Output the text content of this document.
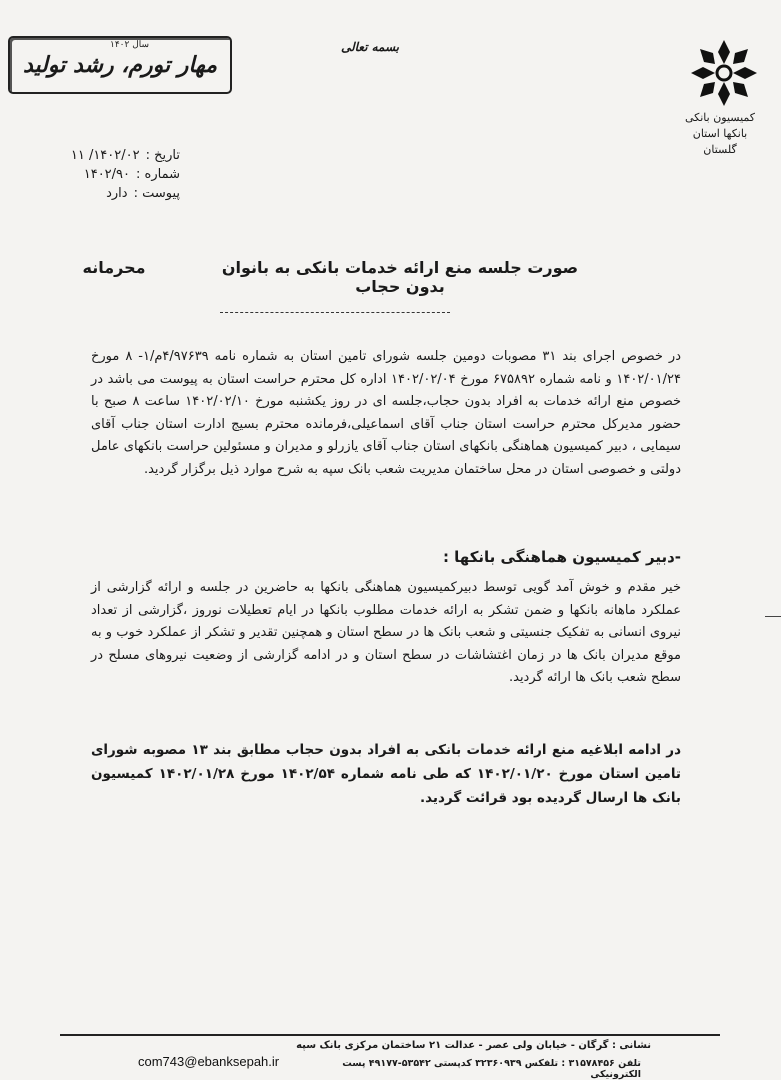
کمیسیون بانکی بانکها استان گلستان
بسمه تعالی
سال ۱۴۰۲
مهار تورم، رشد تولید
تاریخ :
۱۴۰۲/۰۲/ ۱۱
شماره :
۱۴۰۲/۹۰
پیوست :
دارد
صورت جلسه منع ارائه خدمات بانکی به بانوان بدون حجاب
محرمانه
در خصوص اجرای بند ۳۱ مصوبات دومین جلسه شورای تامین استان به شماره نامه ۴/۹۷۶۳۹م/۱- ۸ مورخ ۱۴۰۲/۰۱/۲۴ و نامه شماره ۶۷۵۸۹۲ مورخ ۱۴۰۲/۰۲/۰۴ اداره کل محترم حراست استان به پیوست می باشد در خصوص منع ارائه خدمات به افراد بدون حجاب،جلسه ای در روز یکشنبه مورخ ۱۴۰۲/۰۲/۱۰ ساعت ۸ صبح با حضور مدیرکل محترم حراست استان جناب آقای اسماعیلی،فرمانده محترم بسیج ادارت استان جناب آقای سیمایی ، دبیر کمیسیون هماهنگی بانکهای استان جناب آقای یازرلو و مدیران و مسئولین حراست بانکهای عامل دولتی و خصوصی استان در محل ساختمان مدیریت شعب بانک سپه به شرح موارد ذیل برگزار گردید.
-دبیر کمیسیون هماهنگی بانکها :
خیر مقدم و خوش آمد گویی توسط دبیرکمیسیون هماهنگی بانکها به حاضرین در جلسه و ارائه گزارشی از عملکرد ماهانه بانکها و ضمن تشکر به ارائه خدمات مطلوب بانکها در ایام تعطیلات نوروز ،گزارشی از تعداد نیروی انسانی به تفکیک جنسیتی و شعب بانک ها در سطح استان و همچنین تقدیر و تشکر از عملکرد خوب و به موقع مدیران بانک ها در زمان اغتشاشات در سطح استان و در ادامه گزارشی از وضعیت نیروهای مسلح در سطح شعب بانک ها ارائه گردید.
در ادامه ابلاغیه منع ارائه خدمات بانکی به افراد بدون حجاب مطابق بند ۱۳ مصوبه شورای تامین استان مورخ ۱۴۰۲/۰۱/۲۰ که طی نامه شماره ۱۴۰۲/۵۴ مورخ ۱۴۰۲/۰۱/۲۸ کمیسیون بانک ها ارسال گردیده بود قرائت گردید.
نشانی : گرگان - خیابان ولی عصر - عدالت ۲۱ ساختمان مرکزی بانک سپه
com743@ebanksepah.ir	تلفن ۳۱۵۷۸۴۵۶ : تلفکس ۳۲۳۶۰۹۳۹ کدپستی ۵۳۵۴۲-۴۹۱۷۷ پست الکترونیکی
